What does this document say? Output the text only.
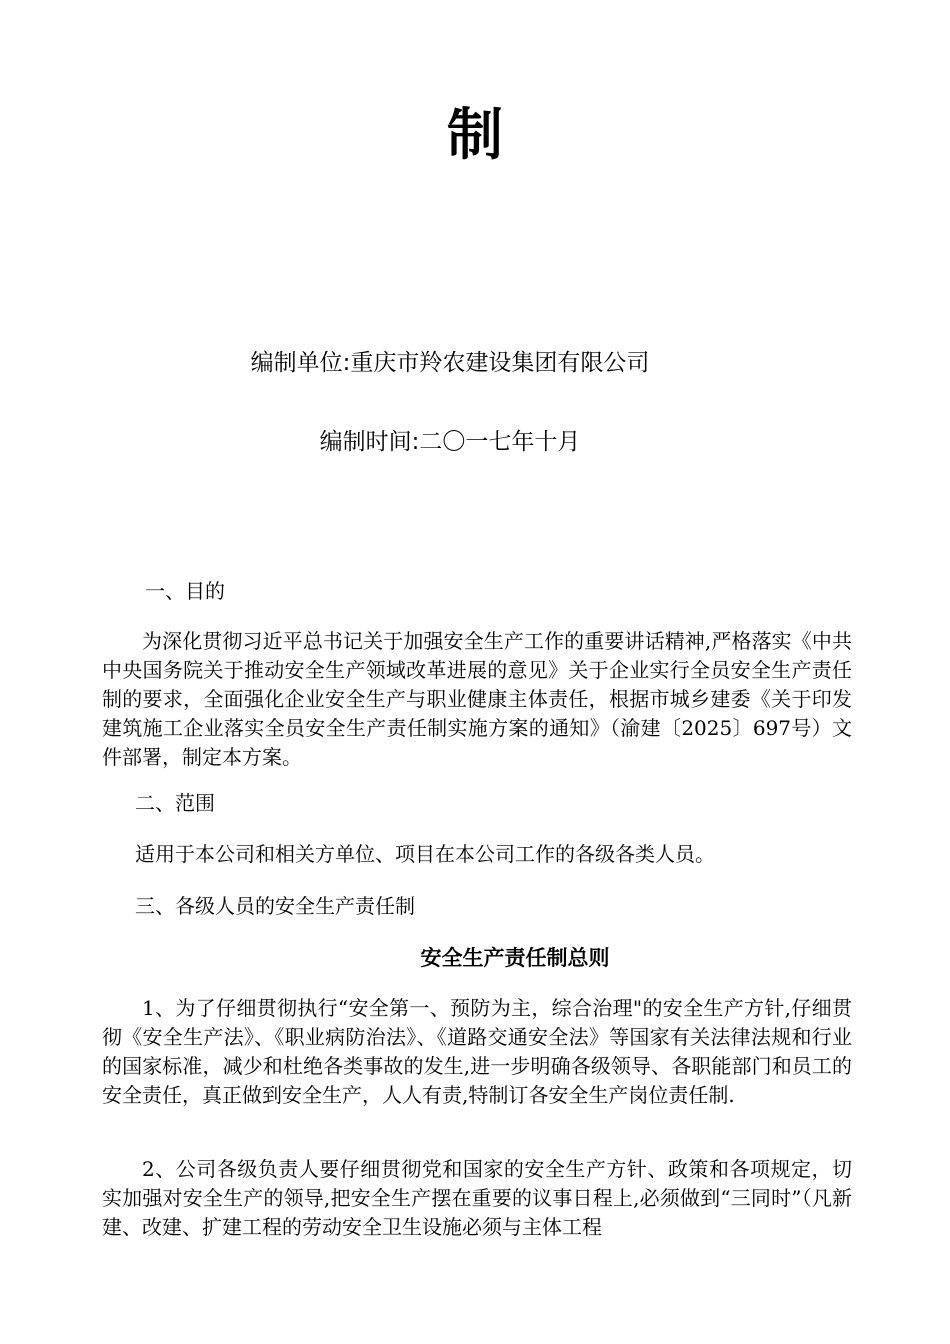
制
编制单位:重庆市羚农建设集团有限公司
编制时间:二〇一七年十月

一、目的

为深化贯彻习近平总书记关于加强安全生产工作的重要讲话精神,严格落实《中共中央国务院关于推动安全生产领域改革进展的意见》关于企业实行全员安全生产责任制的要求，全面强化企业安全生产与职业健康主体责任，根据市城乡建委《关于印发建筑施工企业落实全员安全生产责任制实施方案的通知》（渝建〔2025〕697号）文件部署，制定本方案。

二、范围

适用于本公司和相关方单位、项目在本公司工作的各级各类人员。

三、各级人员的安全生产责任制

安全生产责任制总则

1、为了仔细贯彻执行“安全第一、预防为主，综合治理"的安全生产方针,仔细贯彻《安全生产法》、《职业病防治法》、《道路交通安全法》等国家有关法律法规和行业的国家标准，减少和杜绝各类事故的发生,进一步明确各级领导、各职能部门和员工的安全责任，真正做到安全生产，人人有责,特制订各安全生产岗位责任制.

2、公司各级负责人要仔细贯彻党和国家的安全生产方针、政策和各项规定，切实加强对安全生产的领导,把安全生产摆在重要的议事日程上,必须做到“三同时”（凡新建、改建、扩建工程的劳动安全卫生设施必须与主体工程
